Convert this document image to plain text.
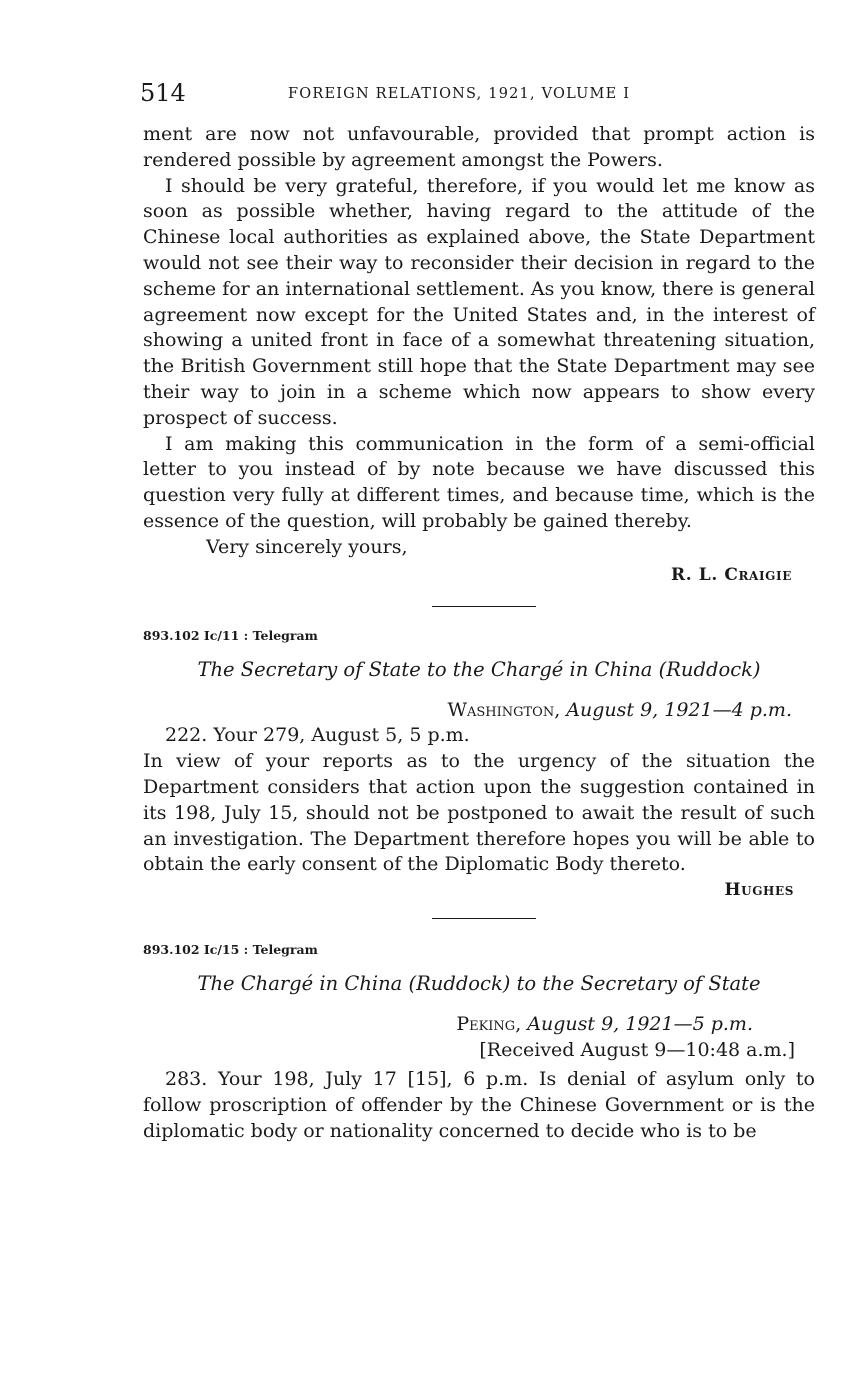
514	FOREIGN RELATIONS, 1921, VOLUME I

ment are now not unfavourable, provided that prompt action is rendered possible by agreement amongst the Powers.

I should be very grateful, therefore, if you would let me know as soon as possible whether, having regard to the attitude of the Chinese local authorities as explained above, the State Department would not see their way to reconsider their decision in regard to the scheme for an international settlement. As you know, there is general agreement now except for the United States and, in the interest of showing a united front in face of a somewhat threatening situation, the British Government still hope that the State Department may see their way to join in a scheme which now appears to show every prospect of success.

I am making this communication in the form of a semi-official letter to you instead of by note because we have discussed this question very fully at different times, and because time, which is the essence of the question, will probably be gained thereby.

Very sincerely yours,

R. L. Craigie

893.102 Ic/11 : Telegram

The Secretary of State to the Chargé in China (Ruddock)

Washington, August 9, 1921—4 p.m.

222. Your 279, August 5, 5 p.m.

In view of your reports as to the urgency of the situation the Department considers that action upon the suggestion contained in its 198, July 15, should not be postponed to await the result of such an investigation. The Department therefore hopes you will be able to obtain the early consent of the Diplomatic Body thereto.

Hughes

893.102 Ic/15 : Telegram

The Chargé in China (Ruddock) to the Secretary of State

Peking, August 9, 1921—5 p.m.

[Received August 9—10:48 a.m.]

283. Your 198, July 17 [15], 6 p.m. Is denial of asylum only to follow proscription of offender by the Chinese Government or is the diplomatic body or nationality concerned to decide who is to be
